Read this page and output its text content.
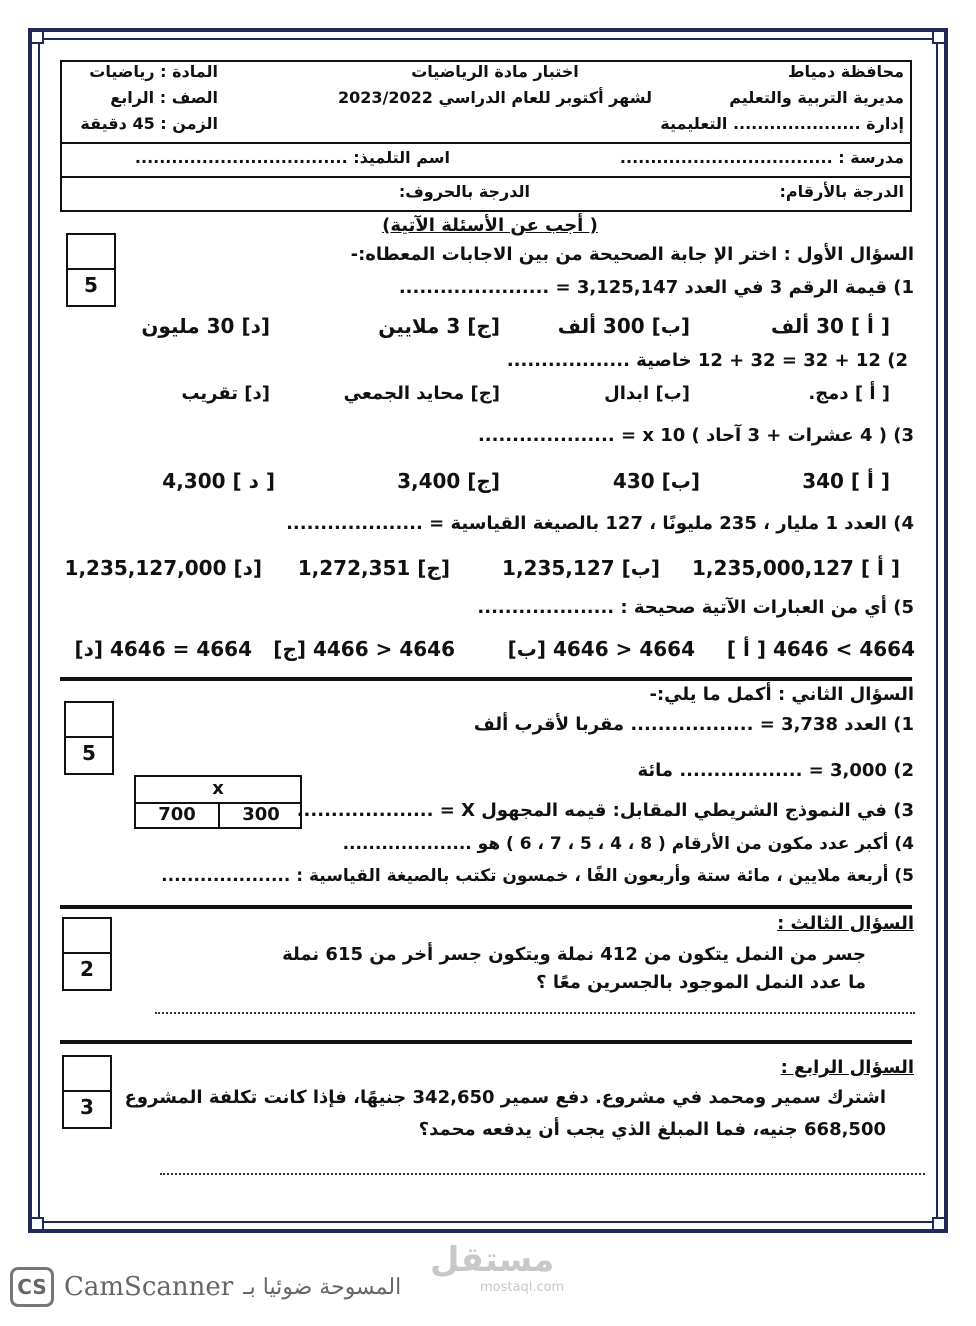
محافظة دمياط
مديرية التربية والتعليم
إدارة ..................... التعليمية
اختبار مادة الرياضيات
لشهر أكتوبر للعام الدراسي 2023/2022
المادة : رياضيات
الصف : الرابع
الزمن : 45 دقيقة
مدرسة : ...................................
اسم التلميذ: ...................................
الدرجة بالأرقام:
الدرجة بالحروف:
( أجب عن الأسئلة الآتية)
5
السؤال الأول : اختر الإ جابة الصحيحة من بين الاجابات المعطاه:-
1) قيمة الرقم 3 في العدد 3,125,147 = ......................
[ أ ] 30 ألف
[ب] 300 ألف
[ج] 3 ملايين
[د] 30 مليون
2) 12 + 32 = 32 + 12 خاصية ..................
[ أ ] دمج.
[ب] ابدال
[ج] محايد الجمعي
[د] تقريب
3) ( 4 عشرات + 3 آحاد ) 10 x = ....................
[ أ ] 340
[ب] 430
[ج] 3,400
[ د ] 4,300
4) العدد 1 مليار ، 235 مليونًا ، 127 بالصيغة القياسية = ....................
[ أ ] 1,235,000,127
[ب] 1,235,127
[ج] 1,272,351
[د] 1,235,127,000
5) أي من العبارات الآتية صحيحة : ....................
[ أ ] 4664 > 4646
[ب] 4664 < 4646
[ج] 4646 < 4466
[د] 4664 = 4646
5
السؤال الثاني : أكمل ما يلي:-
1) العدد 3,738 = .................. مقربا لأقرب ألف
2) 3,000 = .................. مائة
x
700	300 3) في النموذج الشريطي المقابل: قيمه المجهول X = ....................
4) أكبر عدد مكون من الأرقام ( 8 ، 4 ، 5 ، 7 ، 6 ) هو ....................
5) أربعة ملايين ، مائة ستة وأربعون الفًا ، خمسون تكتب بالصيغة القياسية : ....................
2
السؤال الثالث :
جسر من النمل يتكون من 412 نملة ويتكون جسر أخر من 615 نملة
ما عدد النمل الموجود بالجسرين معًا ؟
3
السؤال الرابع :
اشترك سمير ومحمد في مشروع. دفع سمير 342,650 جنيهًا، فإذا كانت تكلفة المشروع
668,500 جنيه، فما المبلغ الذي يجب أن يدفعه محمد؟
مستقل
mostaql.com
CS CamScanner المسوحة ضوئيا بـ
